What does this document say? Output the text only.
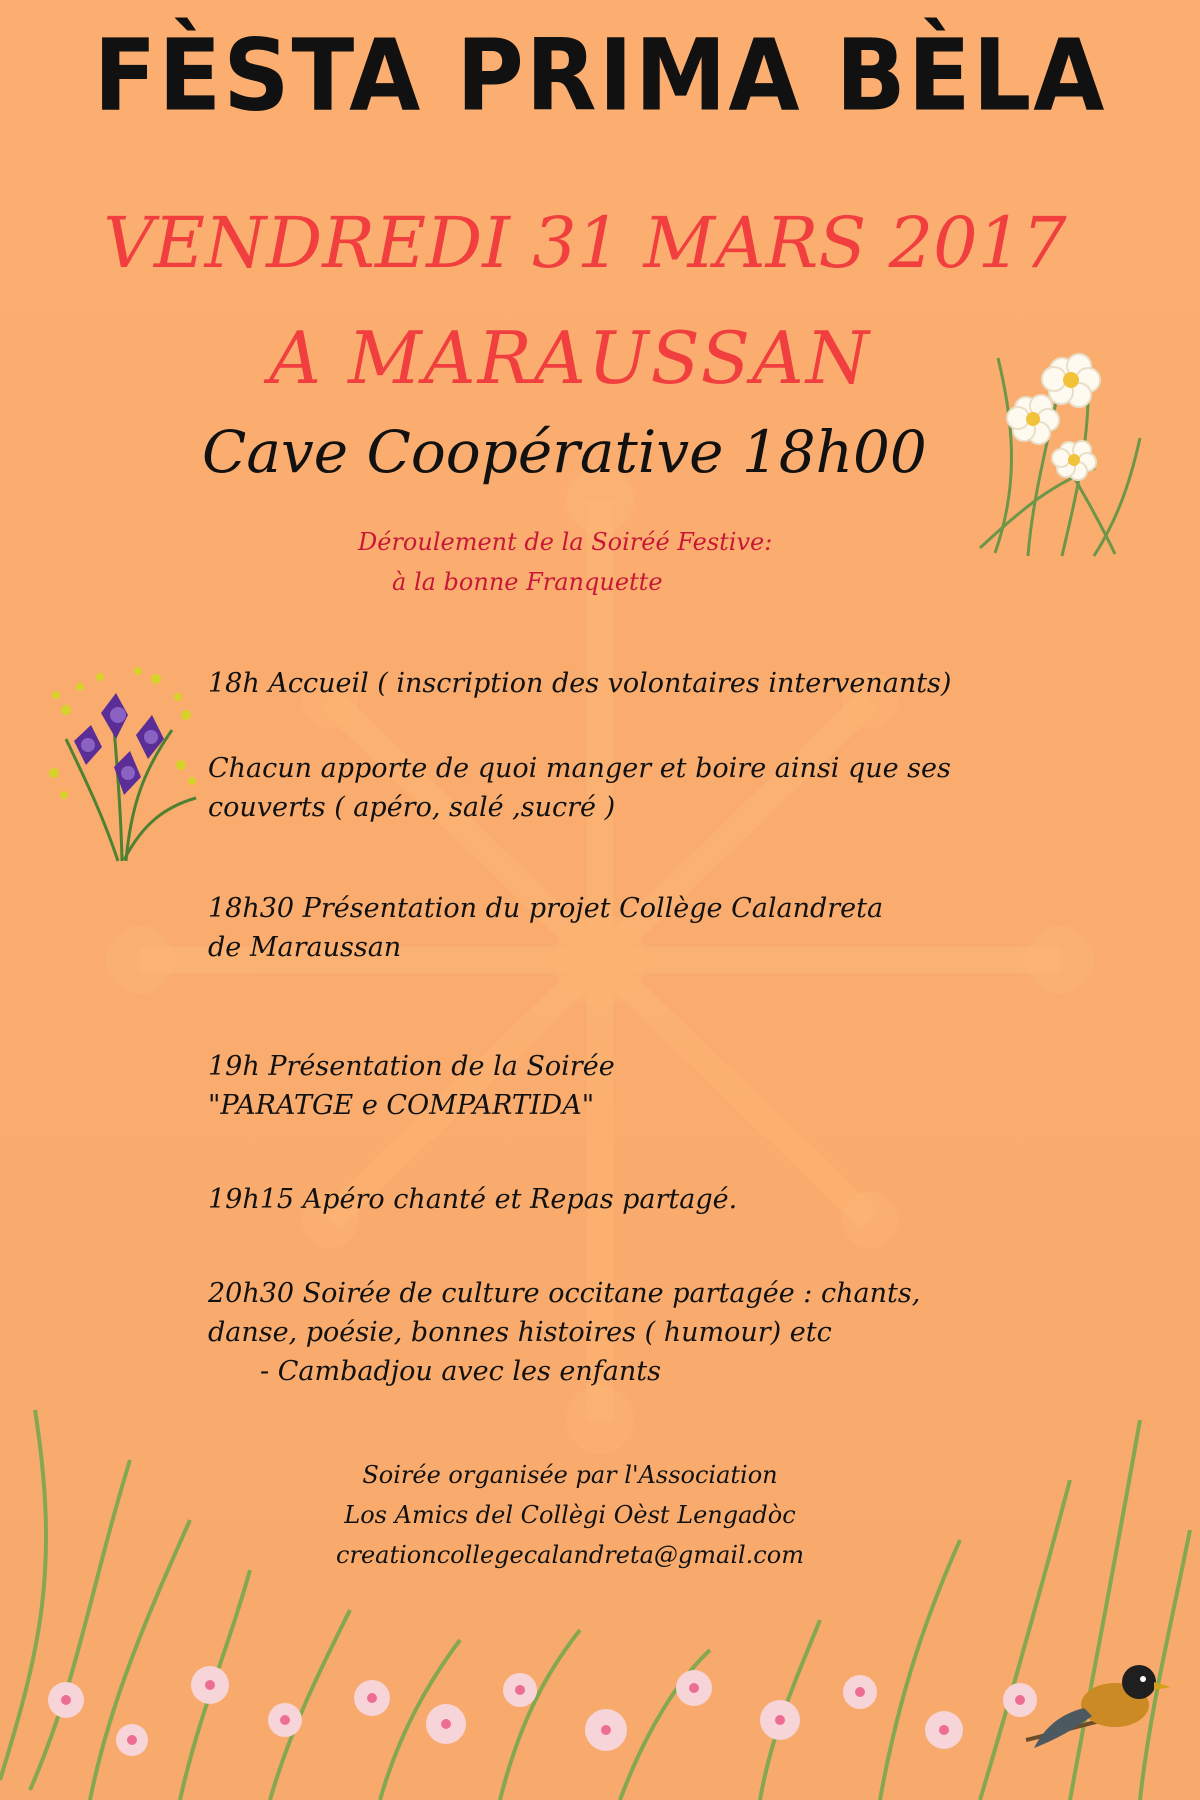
FÈSTA PRIMA BÈLA
VENDREDI 31 MARS 2017
A MARAUSSAN
Cave Coopérative 18h00
Déroulement de la Soiréé Festive:
à la bonne Franquette

18h Accueil ( inscription des volontaires intervenants)

Chacun apporte de quoi manger et boire ainsi que ses

couverts ( apéro, salé ,sucré )

18h30 Présentation du projet Collège Calandreta

de Maraussan

19h Présentation de la Soirée

"PARATGE e COMPARTIDA"

19h15 Apéro chanté et Repas partagé.

20h30 Soirée de culture occitane partagée : chants,

danse, poésie, bonnes histoires ( humour) etc

- Cambadjou avec les enfants

Soirée organisée par l'Association
Los Amics del Collègi Oèst Lengadòc
creationcollegecalandreta@gmail.com
